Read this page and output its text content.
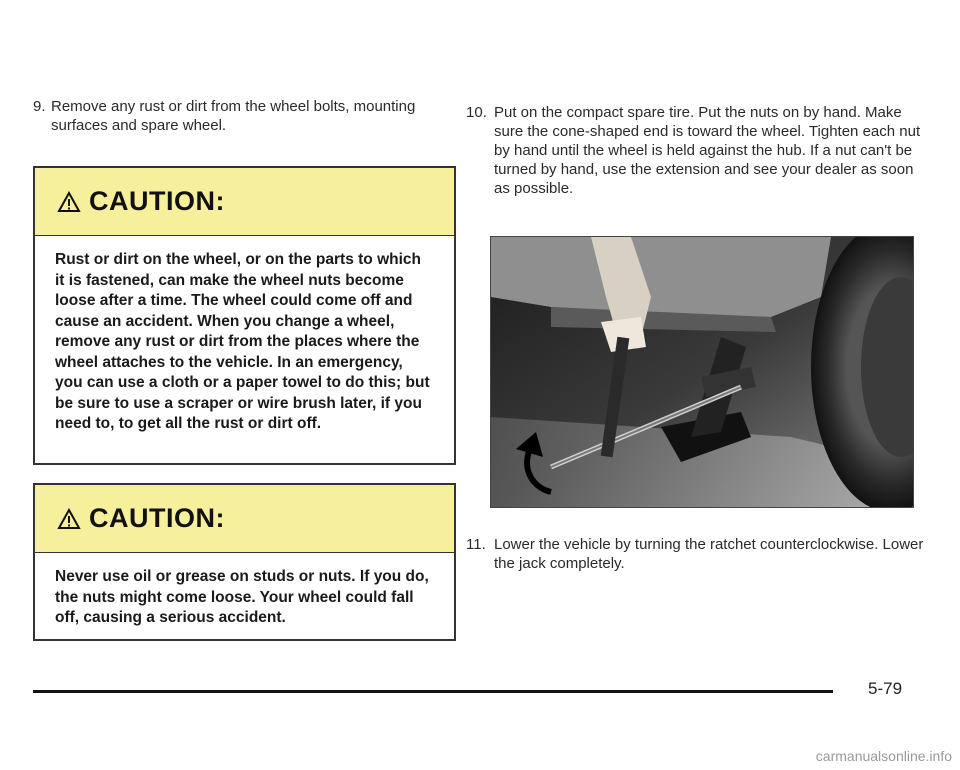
9. Remove any rust or dirt from the wheel bolts, mounting surfaces and spare wheel.
CAUTION:
Rust or dirt on the wheel, or on the parts to which it is fastened, can make the wheel nuts become loose after a time. The wheel could come off and cause an accident. When you change a wheel, remove any rust or dirt from the places where the wheel attaches to the vehicle. In an emergency, you can use a cloth or a paper towel to do this; but be sure to use a scraper or wire brush later, if you need to, to get all the rust or dirt off.
CAUTION:
Never use oil or grease on studs or nuts. If you do, the nuts might come loose. Your wheel could fall off, causing a serious accident.
10. Put on the compact spare tire. Put the nuts on by hand. Make sure the cone-shaped end is toward the wheel. Tighten each nut by hand until the wheel is held against the hub. If a nut can't be turned by hand, use the extension and see your dealer as soon as possible.
11. Lower the vehicle by turning the ratchet counterclockwise. Lower the jack completely.
5-79
carmanualsonline.info
